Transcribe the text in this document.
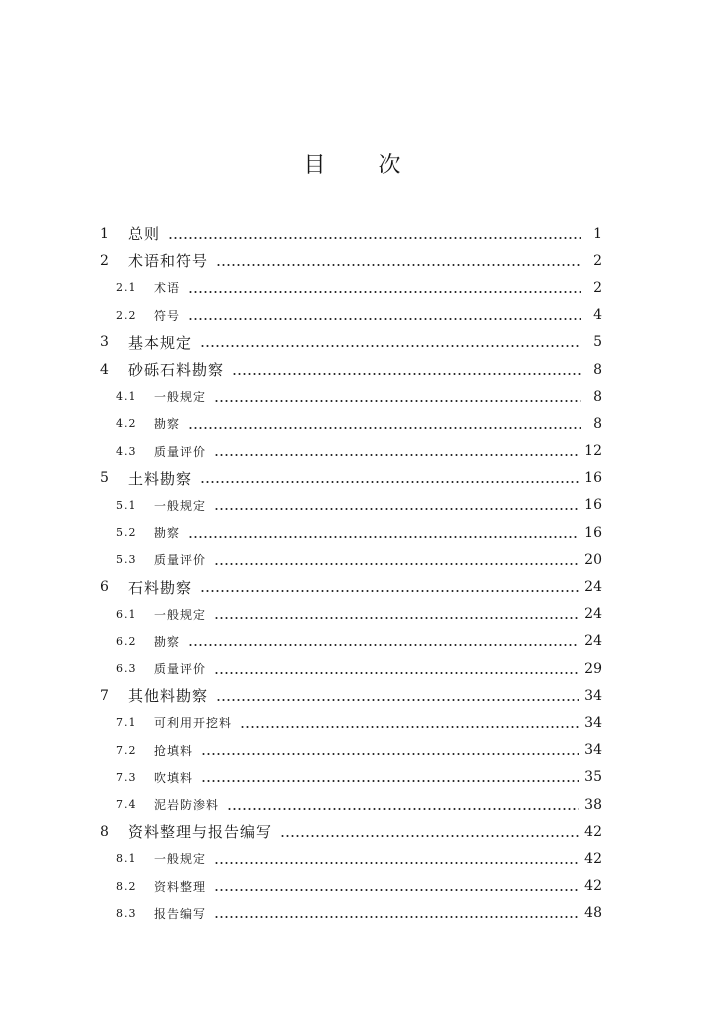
目 次
1	总则	1
2	术语和符号	2
2.1	术语	2
2.2	符号	4
3	基本规定	5
4	砂砾石料勘察	8
4.1	一般规定	8
4.2	勘察	8
4.3	质量评价	12
5	土料勘察	16
5.1	一般规定	16
5.2	勘察	16
5.3	质量评价	20
6	石料勘察	24
6.1	一般规定	24
6.2	勘察	24
6.3	质量评价	29
7	其他料勘察	34
7.1	可利用开挖料	34
7.2	抢填料	34
7.3	吹填料	35
7.4	泥岩防渗料	38
8	资料整理与报告编写	42
8.1	一般规定	42
8.2	资料整理	42
8.3	报告编写	48
